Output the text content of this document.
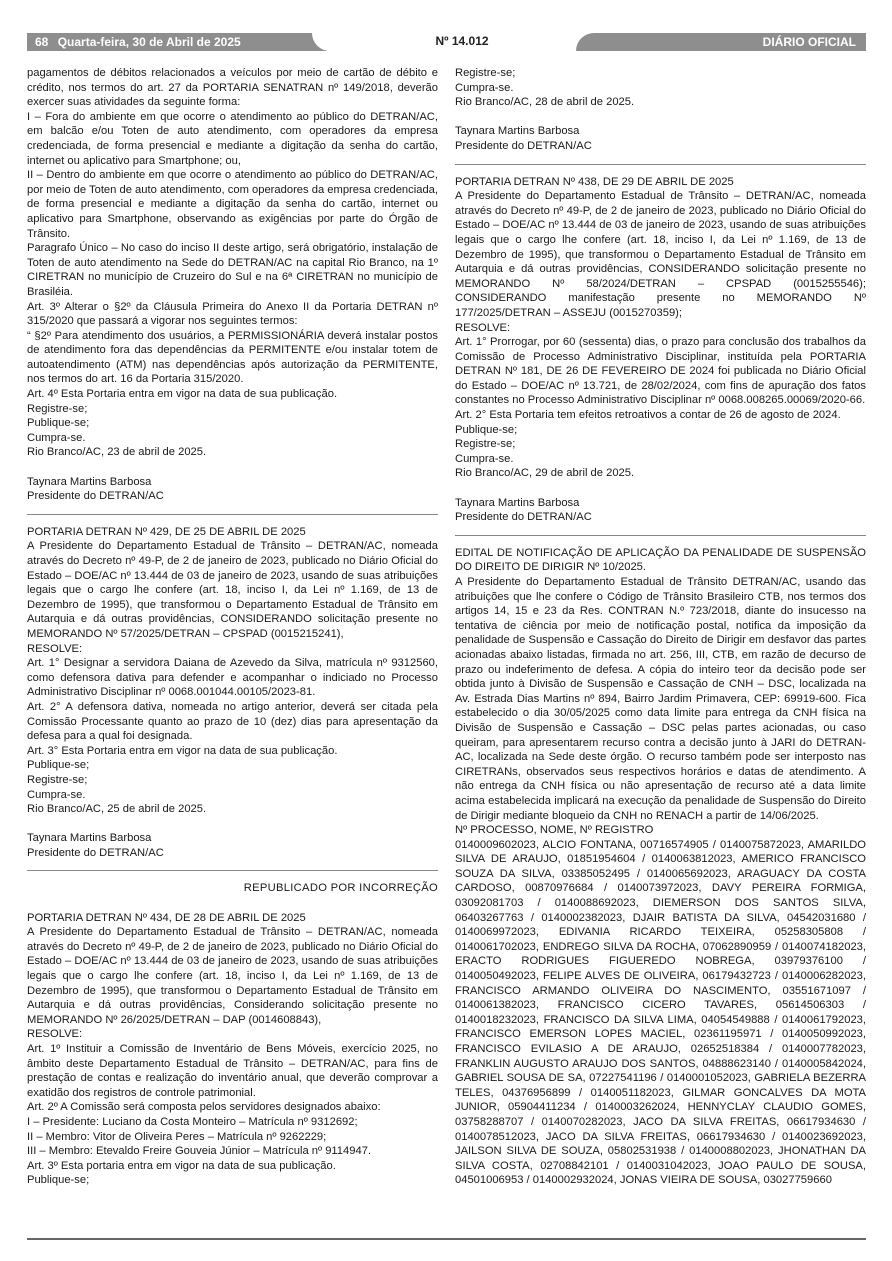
68 Quarta-feira, 30 de Abril de 2025	Nº 14.012	DIÁRIO OFICIAL

pagamentos de débitos relacionados a veículos por meio de cartão de débito e crédito, nos termos do art. 27 da PORTARIA SENATRAN nº 149/2018, deverão exercer suas atividades da seguinte forma:

I – Fora do ambiente em que ocorre o atendimento ao público do DETRAN/AC, em balcão e/ou Toten de auto atendimento, com operadores da empresa credenciada, de forma presencial e mediante a digitação da senha do cartão, internet ou aplicativo para Smartphone; ou,

II – Dentro do ambiente em que ocorre o atendimento ao público do DETRAN/AC, por meio de Toten de auto atendimento, com operadores da empresa credenciada, de forma presencial e mediante a digitação da senha do cartão, internet ou aplicativo para Smartphone, observando as exigências por parte do Órgão de Trânsito.

Paragrafo Único – No caso do inciso II deste artigo, será obrigatório, instalação de Toten de auto atendimento na Sede do DETRAN/AC na capital Rio Branco, na 1º CIRETRAN no município de Cruzeiro do Sul e na 6ª CIRETRAN no município de Brasiléia.

Art. 3º Alterar o §2º da Cláusula Primeira do Anexo II da Portaria DETRAN nº 315/2020 que passará a vigorar nos seguintes termos:

“ §2º Para atendimento dos usuários, a PERMISSIONÁRIA deverá instalar postos de atendimento fora das dependências da PERMITENTE e/ou instalar totem de autoatendimento (ATM) nas dependências após autorização da PERMITENTE, nos termos do art. 16 da Portaria 315/2020.

Art. 4º Esta Portaria entra em vigor na data de sua publicação.

Registre-se;

Publique-se;

Cumpra-se.

Rio Branco/AC, 23 de abril de 2025.

Taynara Martins Barbosa

Presidente do DETRAN/AC

PORTARIA DETRAN Nº 429, DE 25 DE ABRIL DE 2025

A Presidente do Departamento Estadual de Trânsito – DETRAN/AC, nomeada através do Decreto nº 49-P, de 2 de janeiro de 2023, publicado no Diário Oficial do Estado – DOE/AC nº 13.444 de 03 de janeiro de 2023, usando de suas atribuições legais que o cargo lhe confere (art. 18, inciso I, da Lei nº 1.169, de 13 de Dezembro de 1995), que transformou o Departamento Estadual de Trânsito em Autarquia e dá outras providências, CONSIDERANDO solicitação presente no MEMORANDO Nº 57/2025/DETRAN – CPSPAD (0015215241),

RESOLVE:

Art. 1° Designar a servidora Daiana de Azevedo da Silva, matrícula nº 9312560, como defensora dativa para defender e acompanhar o indiciado no Processo Administrativo Disciplinar nº 0068.001044.00105/2023-81.

Art. 2° A defensora dativa, nomeada no artigo anterior, deverá ser citada pela Comissão Processante quanto ao prazo de 10 (dez) dias para apresentação da defesa para a qual foi designada.

Art. 3° Esta Portaria entra em vigor na data de sua publicação.

Publique-se;

Registre-se;

Cumpra-se.

Rio Branco/AC, 25 de abril de 2025.

Taynara Martins Barbosa

Presidente do DETRAN/AC

REPUBLICADO POR INCORREÇÃO

PORTARIA DETRAN Nº 434, DE 28 DE ABRIL DE 2025

A Presidente do Departamento Estadual de Trânsito – DETRAN/AC, nomeada através do Decreto nº 49-P, de 2 de janeiro de 2023, publicado no Diário Oficial do Estado – DOE/AC nº 13.444 de 03 de janeiro de 2023, usando de suas atribuições legais que o cargo lhe confere (art. 18, inciso I, da Lei nº 1.169, de 13 de Dezembro de 1995), que transformou o Departamento Estadual de Trânsito em Autarquia e dá outras providências, Considerando solicitação presente no MEMORANDO Nº 26/2025/DETRAN – DAP (0014608843),

RESOLVE:

Art. 1º Instituir a Comissão de Inventário de Bens Móveis, exercício 2025, no âmbito deste Departamento Estadual de Trânsito – DETRAN/AC, para fins de prestação de contas e realização do inventário anual, que deverão comprovar a exatidão dos registros de controle patrimonial.

Art. 2º A Comissão será composta pelos servidores designados abaixo:

I – Presidente: Luciano da Costa Monteiro – Matrícula nº 9312692;

II – Membro: Vitor de Oliveira Peres – Matrícula nº 9262229;

III – Membro: Etevaldo Freire Gouveia Júnior – Matrícula nº 9114947.

Art. 3º Esta portaria entra em vigor na data de sua publicação.

Publique-se;

Registre-se;

Cumpra-se.

Rio Branco/AC, 28 de abril de 2025.

Taynara Martins Barbosa

Presidente do DETRAN/AC

PORTARIA DETRAN Nº 438, DE 29 DE ABRIL DE 2025

A Presidente do Departamento Estadual de Trânsito – DETRAN/AC, nomeada através do Decreto nº 49-P, de 2 de janeiro de 2023, publicado no Diário Oficial do Estado – DOE/AC nº 13.444 de 03 de janeiro de 2023, usando de suas atribuições legais que o cargo lhe confere (art. 18, inciso I, da Lei nº 1.169, de 13 de Dezembro de 1995), que transformou o Departamento Estadual de Trânsito em Autarquia e dá outras providências, CONSIDERANDO solicitação presente no MEMORANDO Nº 58/2024/DETRAN – CPSPAD (0015255546); CONSIDERANDO manifestação presente no MEMORANDO Nº 177/2025/DETRAN – ASSEJU (0015270359);

RESOLVE:

Art. 1° Prorrogar, por 60 (sessenta) dias, o prazo para conclusão dos trabalhos da Comissão de Processo Administrativo Disciplinar, instituída pela PORTARIA DETRAN Nº 181, DE 26 DE FEVEREIRO DE 2024 foi publicada no Diário Oficial do Estado – DOE/AC nº 13.721, de 28/02/2024, com fins de apuração dos fatos constantes no Processo Administrativo Disciplinar nº 0068.008265.00069/2020-66.

Art. 2° Esta Portaria tem efeitos retroativos a contar de 26 de agosto de 2024.

Publique-se;

Registre-se;

Cumpra-se.

Rio Branco/AC, 29 de abril de 2025.

Taynara Martins Barbosa

Presidente do DETRAN/AC

EDITAL DE NOTIFICAÇÃO DE APLICAÇÃO DA PENALIDADE DE SUSPENSÃO DO DIREITO DE DIRIGIR Nº 10/2025.

A Presidente do Departamento Estadual de Trânsito DETRAN/AC, usando das atribuições que lhe confere o Código de Trânsito Brasileiro CTB, nos termos dos artigos 14, 15 e 23 da Res. CONTRAN N.º 723/2018, diante do insucesso na tentativa de ciência por meio de notificação postal, notifica da imposição da penalidade de Suspensão e Cassação do Direito de Dirigir em desfavor das partes acionadas abaixo listadas, firmada no art. 256, III, CTB, em razão de decurso de prazo ou indeferimento de defesa. A cópia do inteiro teor da decisão pode ser obtida junto à Divisão de Suspensão e Cassação de CNH – DSC, localizada na Av. Estrada Dias Martins nº 894, Bairro Jardim Primavera, CEP: 69919-600. Fica estabelecido o dia 30/05/2025 como data limite para entrega da CNH física na Divisão de Suspensão e Cassação – DSC pelas partes acionadas, ou caso queiram, para apresentarem recurso contra a decisão junto à JARI do DETRAN-AC, localizada na Sede deste órgão. O recurso também pode ser interposto nas CIRETRANs, observados seus respectivos horários e datas de atendimento. A não entrega da CNH física ou não apresentação de recurso até a data limite acima estabelecida implicará na execução da penalidade de Suspensão do Direito de Dirigir mediante bloqueio da CNH no RENACH a partir de 14/06/2025.

Nº PROCESSO, NOME, Nº REGISTRO

0140009602023, ALCIO FONTANA, 00716574905 / 0140075872023, AMARILDO SILVA DE ARAUJO, 01851954604 / 0140063812023, AMERICO FRANCISCO SOUZA DA SILVA, 03385052495 / 0140065692023, ARAGUACY DA COSTA CARDOSO, 00870976684 / 0140073972023, DAVY PEREIRA FORMIGA, 03092081703 / 0140088692023, DIEMERSON DOS SANTOS SILVA, 06403267763 / 0140002382023, DJAIR BATISTA DA SILVA, 04542031680 / 0140069972023, EDIVANIA RICARDO TEIXEIRA, 05258305808 / 0140061702023, ENDREGO SILVA DA ROCHA, 07062890959 / 0140074182023, ERACTO RODRIGUES FIGUEREDO NOBREGA, 03979376100 / 0140050492023, FELIPE ALVES DE OLIVEIRA, 06179432723 / 0140006282023, FRANCISCO ARMANDO OLIVEIRA DO NASCIMENTO, 03551671097 / 0140061382023, FRANCISCO CICERO TAVARES, 05614506303 / 0140018232023, FRANCISCO DA SILVA LIMA, 04054549888 / 0140061792023, FRANCISCO EMERSON LOPES MACIEL, 02361195971 / 0140050992023, FRANCISCO EVILASIO A DE ARAUJO, 02652518384 / 0140007782023, FRANKLIN AUGUSTO ARAUJO DOS SANTOS, 04888623140 / 0140005842024, GABRIEL SOUSA DE SA, 07227541196 / 0140001052023, GABRIELA BEZERRA TELES, 04376956899 / 0140051182023, GILMAR GONCALVES DA MOTA JUNIOR, 05904411234 / 0140003262024, HENNYCLAY CLAUDIO GOMES, 03758288707 / 0140070282023, JACO DA SILVA FREITAS, 06617934630 / 0140078512023, JACO DA SILVA FREITAS, 06617934630 / 0140023692023, JAILSON SILVA DE SOUZA, 05802531938 / 0140008802023, JHONATHAN DA SILVA COSTA, 02708842101 / 0140031042023, JOAO PAULO DE SOUSA, 04501006953 / 0140002932024, JONAS VIEIRA DE SOUSA, 03027759660
